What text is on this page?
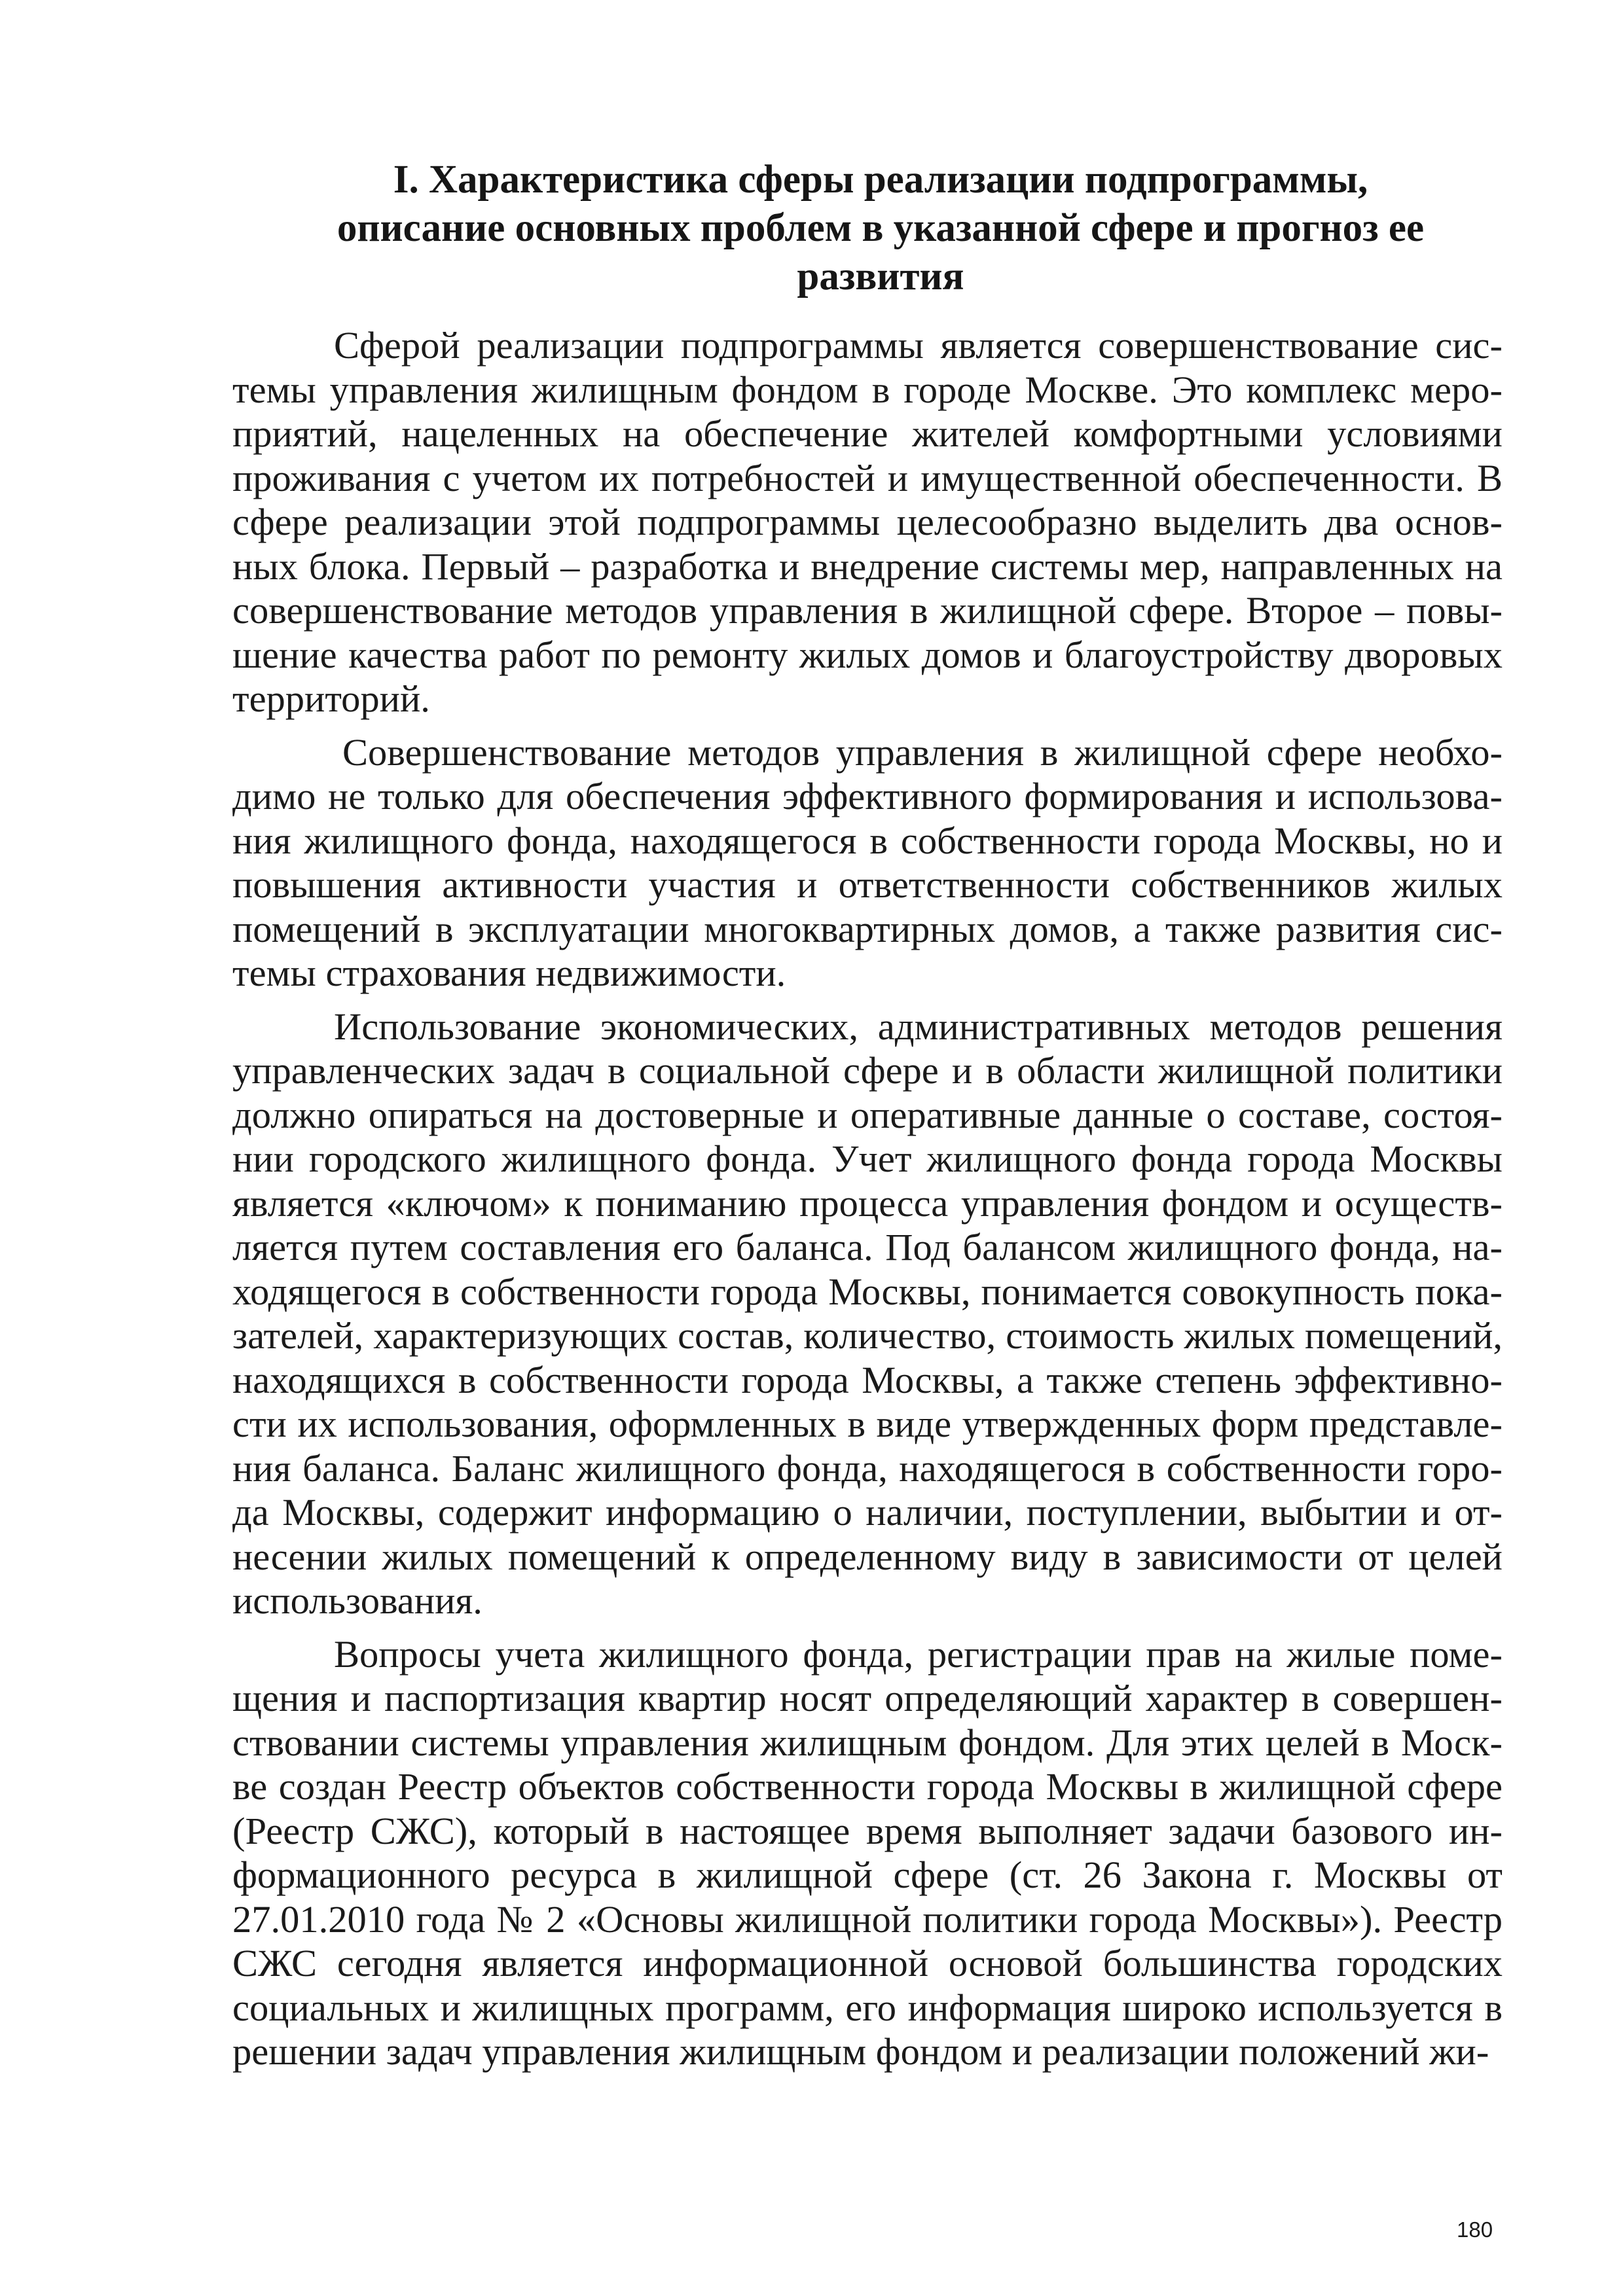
I. Характеристика сферы реализации подпрограммы,
описание основных проблем в указанной сфере и прогноз ее
развития

Сферой реализации подпрограммы является совершенствование системы управления жилищным фондом в городе Москве. Это комплекс мероприятий, нацеленных на обеспечение жителей комфортными условиями проживания с учетом их потребностей и имущественной обеспеченности. В сфере реализации этой подпрограммы целесообразно выделить два основных блока. Первый – разработка и внедрение системы мер, направленных на совершенствование методов управления в жилищной сфере. Второе – повышение качества работ по ремонту жилых домов и благоустройству дворовых территорий.

Совершенствование методов управления в жилищной сфере необходимо не только для обеспечения эффективного формирования и использования жилищного фонда, находящегося в собственности города Москвы, но и повышения активности участия и ответственности собственников жилых помещений в эксплуатации многоквартирных домов, а также развития системы страхования недвижимости.

Использование экономических, административных методов решения управленческих задач в социальной сфере и в области жилищной политики должно опираться на достоверные и оперативные данные о составе, состоянии городского жилищного фонда. Учет жилищного фонда города Москвы является «ключом» к пониманию процесса управления фондом и осуществляется путем составления его баланса. Под балансом жилищного фонда, находящегося в собственности города Москвы, понимается совокупность показателей, характеризующих состав, количество, стоимость жилых помещений, находящихся в собственности города Москвы, а также степень эффективности их использования, оформленных в виде утвержденных форм представления баланса. Баланс жилищного фонда, находящегося в собственности города Москвы, содержит информацию о наличии, поступлении, выбытии и отнесении жилых помещений к определенному виду в зависимости от целей использования.

Вопросы учета жилищного фонда, регистрации прав на жилые помещения и паспортизация квартир носят определяющий характер в совершенствовании системы управления жилищным фондом. Для этих целей в Москве создан Реестр объектов собственности города Москвы в жилищной сфере (Реестр СЖС), который в настоящее время выполняет задачи базового информационного ресурса в жилищной сфере (ст. 26 Закона г. Москвы от 27.01.2010 года № 2 «Основы жилищной политики города Москвы»). Реестр СЖС сегодня является информационной основой большинства городских социальных и жилищных программ, его информация широко используется в решении задач управления жилищным фондом и реализации положений жи-

180
